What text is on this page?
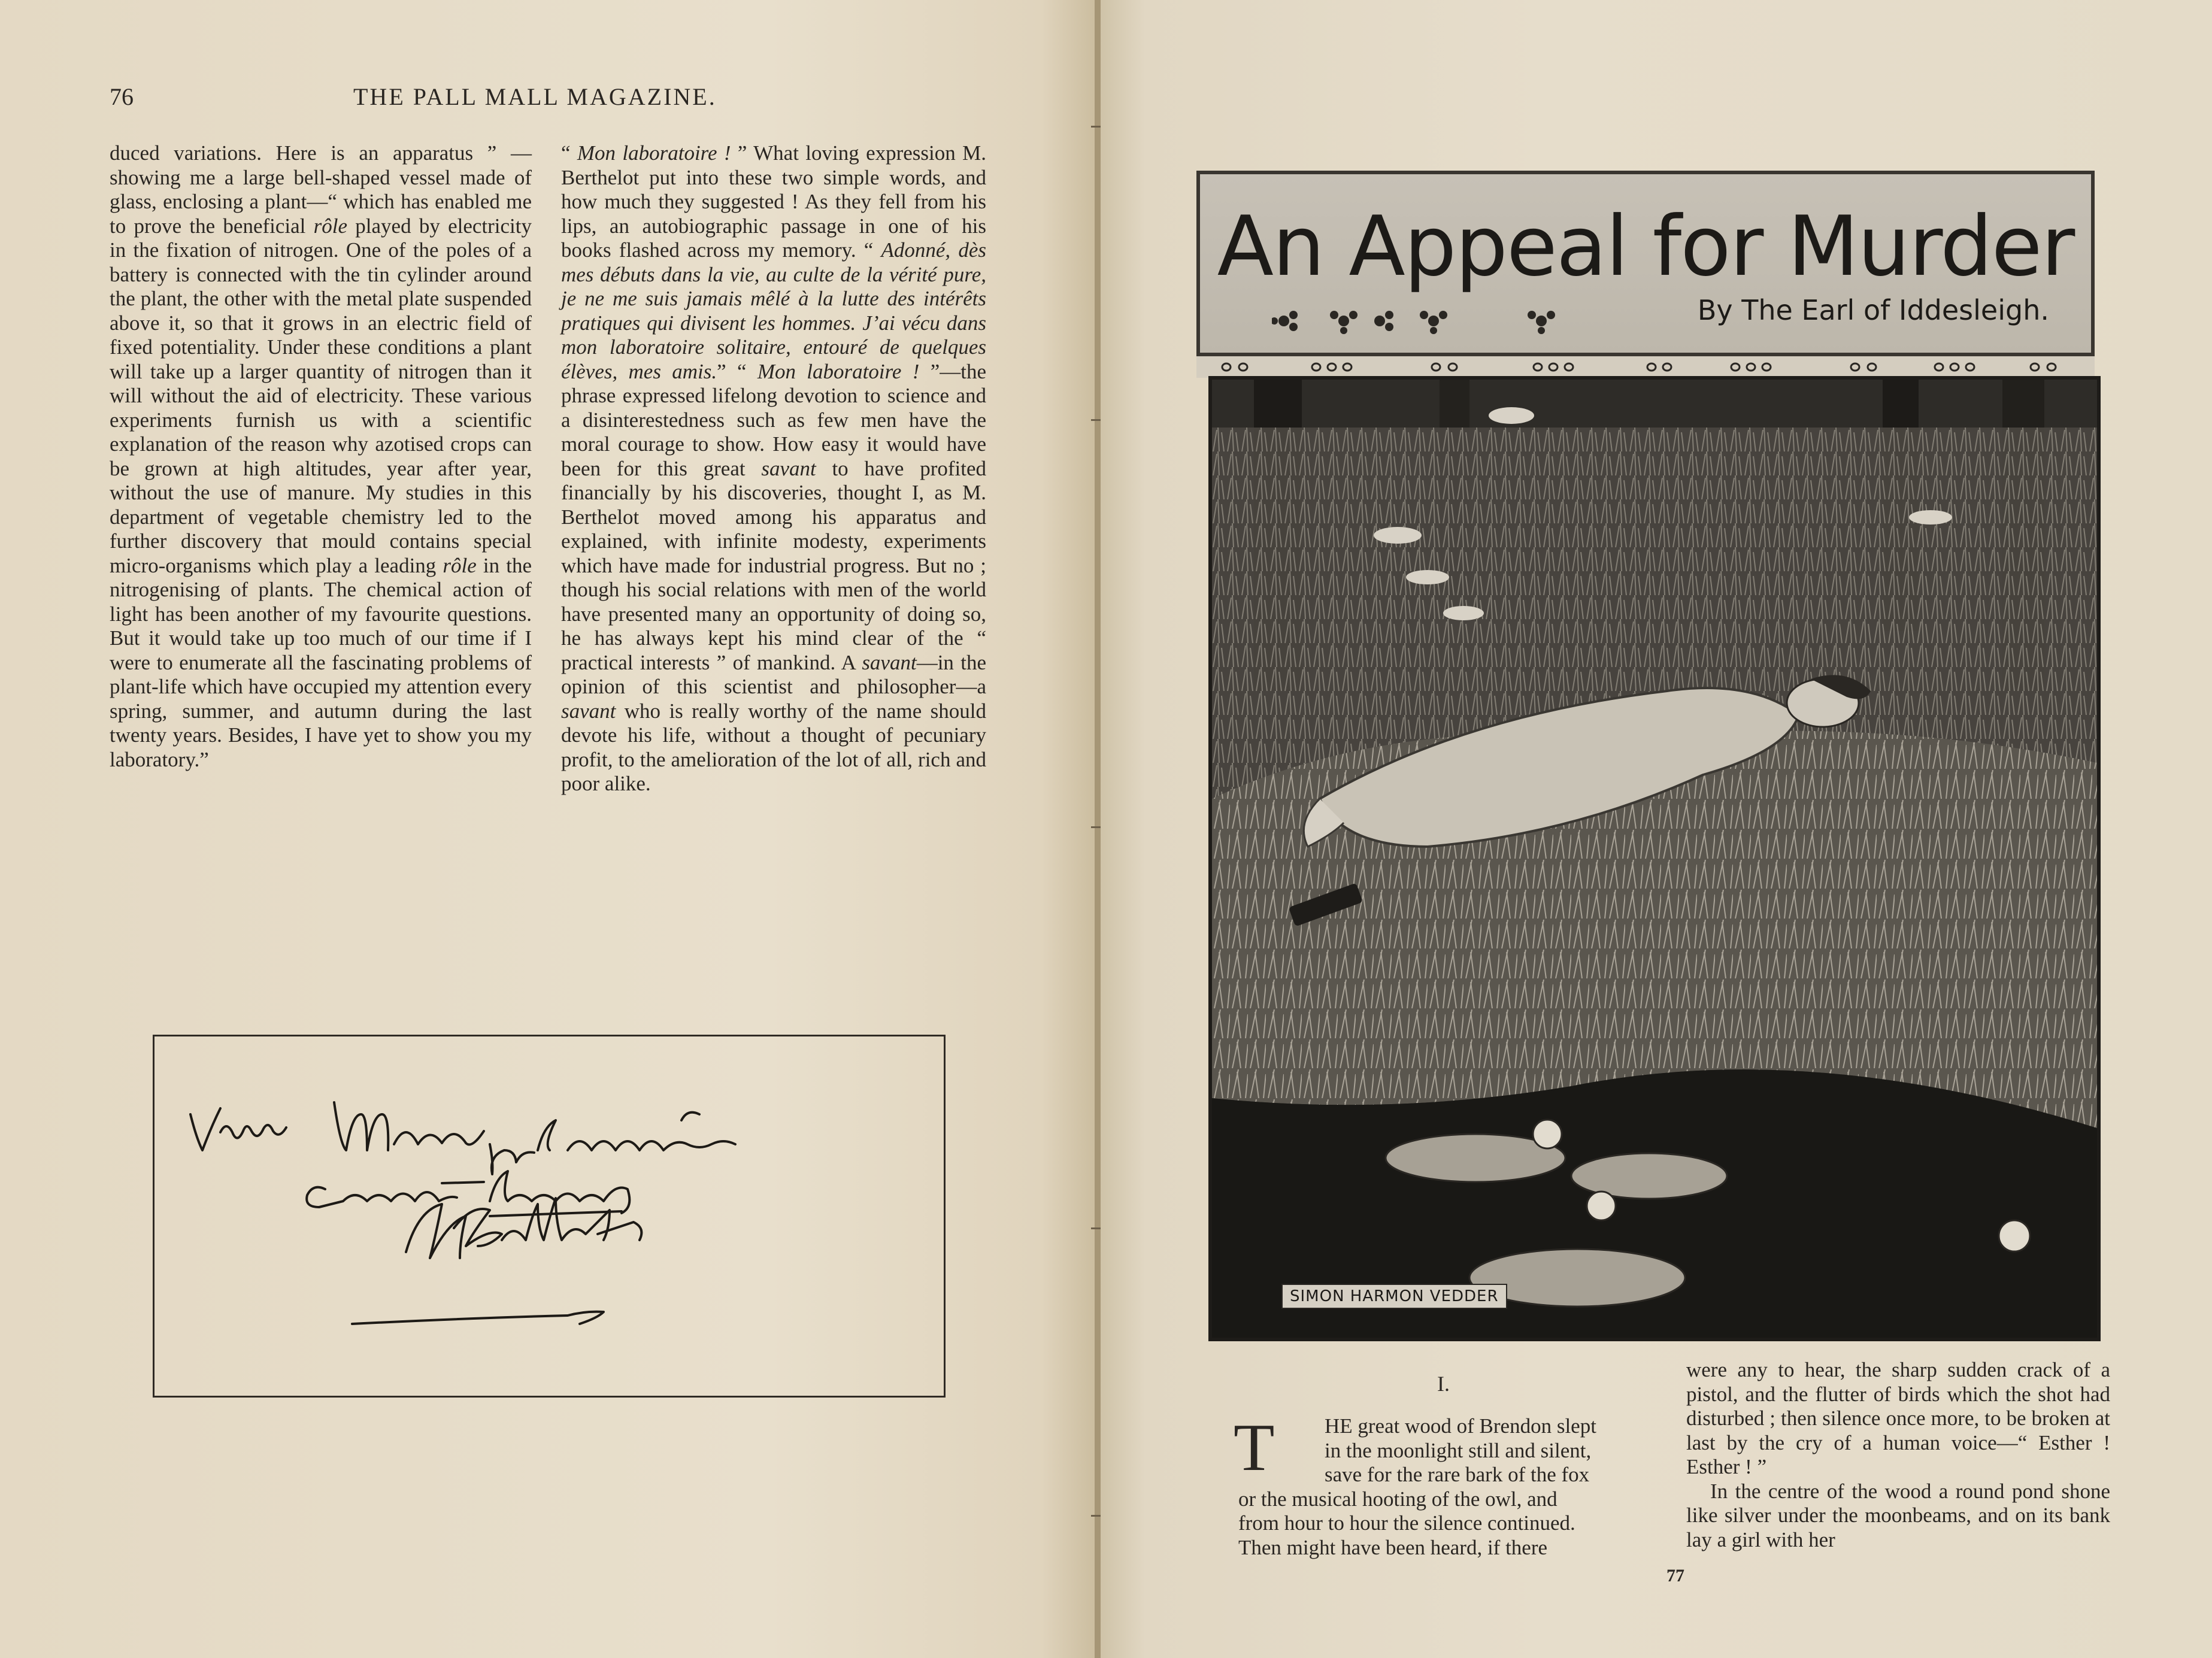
76	THE PALL MALL MAGAZINE.

duced variations. Here is an apparatus ” —showing me a large bell-shaped vessel made of glass, enclosing a plant—“ which has enabled me to prove the beneficial rôle played by electricity in the fixation of nitrogen. One of the poles of a battery is connected with the tin cylinder around the plant, the other with the metal plate suspended above it, so that it grows in an electric field of fixed potentiality. Under these conditions a plant will take up a larger quantity of nitrogen than it will without the aid of electricity. These various experiments furnish us with a scientific explanation of the reason why azotised crops can be grown at high altitudes, year after year, without the use of manure. My studies in this department of vegetable chemistry led to the further discovery that mould contains special micro-organisms which play a leading rôle in the nitrogenising of plants. The chemical action of light has been another of my favourite questions. But it would take up too much of our time if I were to enumerate all the fascinating problems of plant-life which have occupied my attention every spring, summer, and autumn during the last twenty years. Besides, I have yet to show you my laboratory.”

“ Mon laboratoire ! ” What loving expression M. Berthelot put into these two simple words, and how much they suggested ! As they fell from his lips, an autobiographic passage in one of his books flashed across my memory. “ Adonné, dès mes débuts dans la vie, au culte de la vérité pure, je ne me suis jamais mêlé à la lutte des intérêts pratiques qui divisent les hommes. J’ai vécu dans mon laboratoire solitaire, entouré de quelques élèves, mes amis.” “ Mon laboratoire ! ”—the phrase expressed lifelong devotion to science and a disinterestedness such as few men have the moral courage to show. How easy it would have been for this great savant to have profited financially by his discoveries, thought I, as M. Berthelot moved among his apparatus and explained, with infinite modesty, experiments which have made for industrial progress. But no ; though his social relations with men of the world have presented many an opportunity of doing so, he has always kept his mind clear of the “ practical interests ” of mankind. A savant—in the opinion of this scientist and philosopher—a savant who is really worthy of the name should devote his life, without a thought of pecuniary profit, to the amelioration of the lot of all, rich and poor alike.

An Appeal for Murder
By The Earl of Iddesleigh.
SIMON HARMON VEDDER
I.
T	HE great wood of Brendon slept
in the moonlight still and silent,
save for the rare bark of the fox
or the musical hooting of the owl, and
from hour to hour the silence continued.
Then might have been heard, if there

were any to hear, the sharp sudden crack of a pistol, and the flutter of birds which the shot had disturbed ; then silence once more, to be broken at last by the cry of a human voice—“ Esther ! Esther ! ”

In the centre of the wood a round pond shone like silver under the moonbeams, and on its bank lay a girl with her

77
